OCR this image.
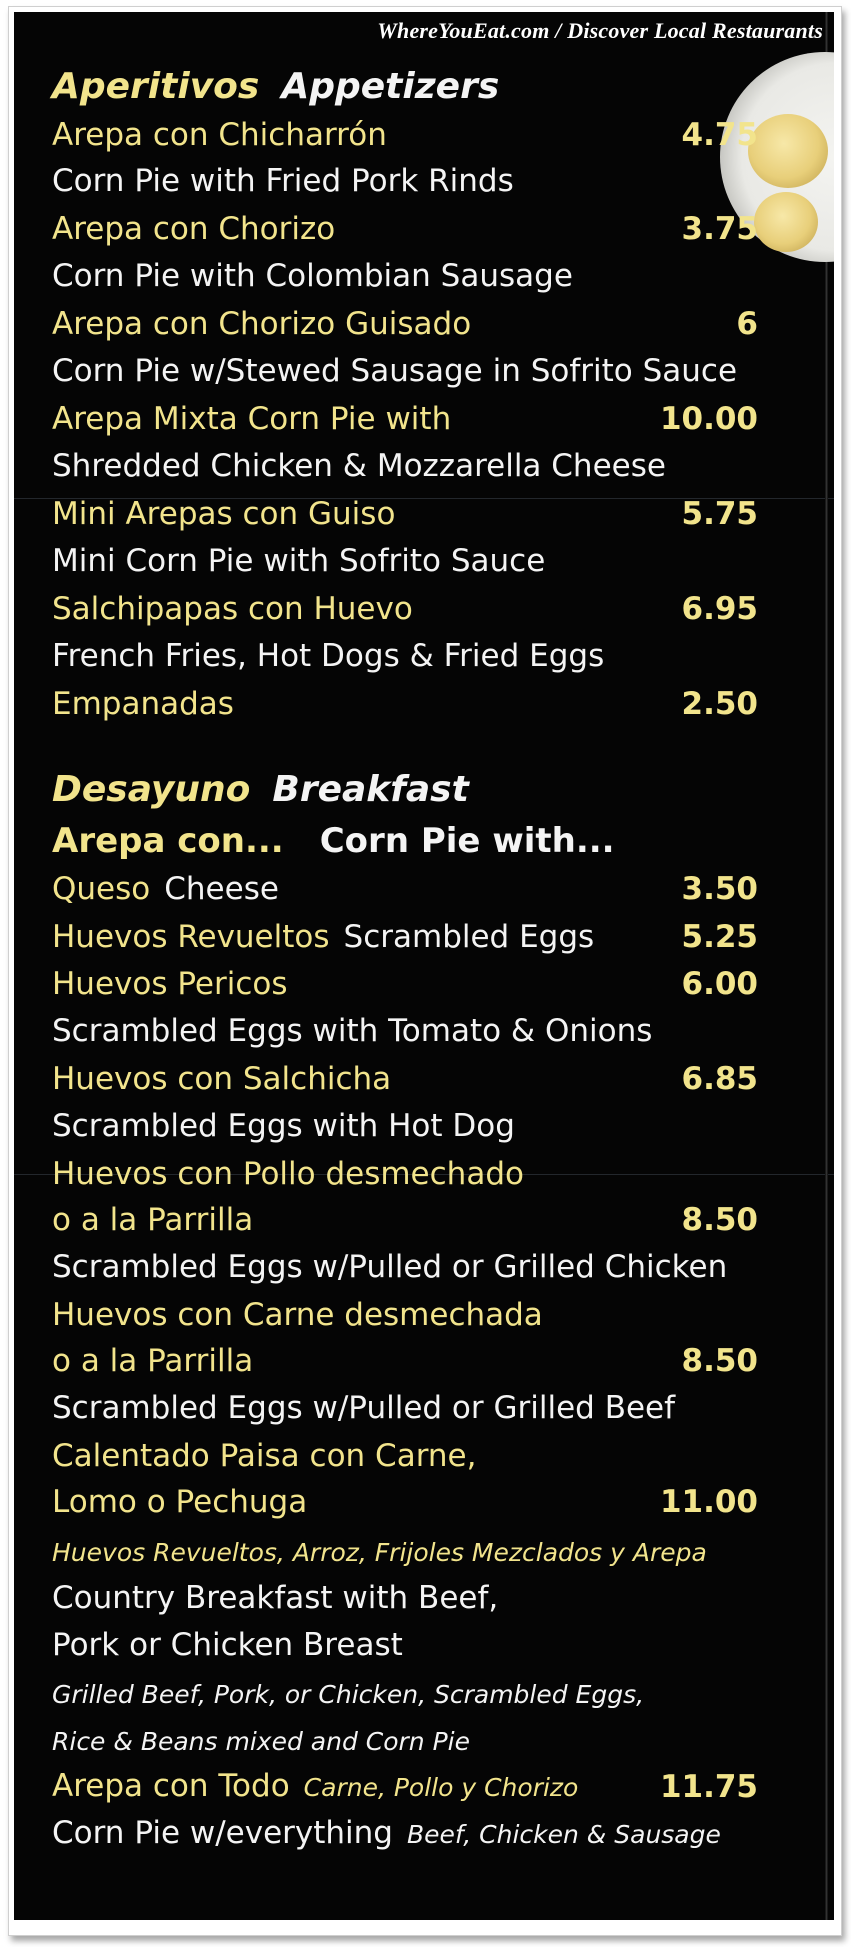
WhereYouEat.com / Discover Local Restaurants
Aperitivos Appetizers
Arepa con Chicharrón	4.75
Corn Pie with Fried Pork Rinds
Arepa con Chorizo	3.75
Corn Pie with Colombian Sausage
Arepa con Chorizo Guisado	6
Corn Pie w/Stewed Sausage in Sofrito Sauce
Arepa Mixta Corn Pie with	10.00
Shredded Chicken & Mozzarella Cheese
Mini Arepas con Guiso	5.75
Mini Corn Pie with Sofrito Sauce
Salchipapas con Huevo	6.95
French Fries, Hot Dogs & Fried Eggs
Empanadas	2.50
Desayuno Breakfast
Arepa con... Corn Pie with...
Queso Cheese	3.50
Huevos Revueltos Scrambled Eggs	5.25
Huevos Pericos	6.00
Scrambled Eggs with Tomato & Onions
Huevos con Salchicha	6.85
Scrambled Eggs with Hot Dog
Huevos con Pollo desmechado
o a la Parrilla	8.50
Scrambled Eggs w/Pulled or Grilled Chicken
Huevos con Carne desmechada
o a la Parrilla	8.50
Scrambled Eggs w/Pulled or Grilled Beef
Calentado Paisa con Carne,
Lomo o Pechuga	11.00
Huevos Revueltos, Arroz, Frijoles Mezclados y Arepa
Country Breakfast with Beef,
Pork or Chicken Breast
Grilled Beef, Pork, or Chicken, Scrambled Eggs,
Rice & Beans mixed and Corn Pie
Arepa con Todo Carne, Pollo y Chorizo	11.75
Corn Pie w/everything Beef, Chicken & Sausage
